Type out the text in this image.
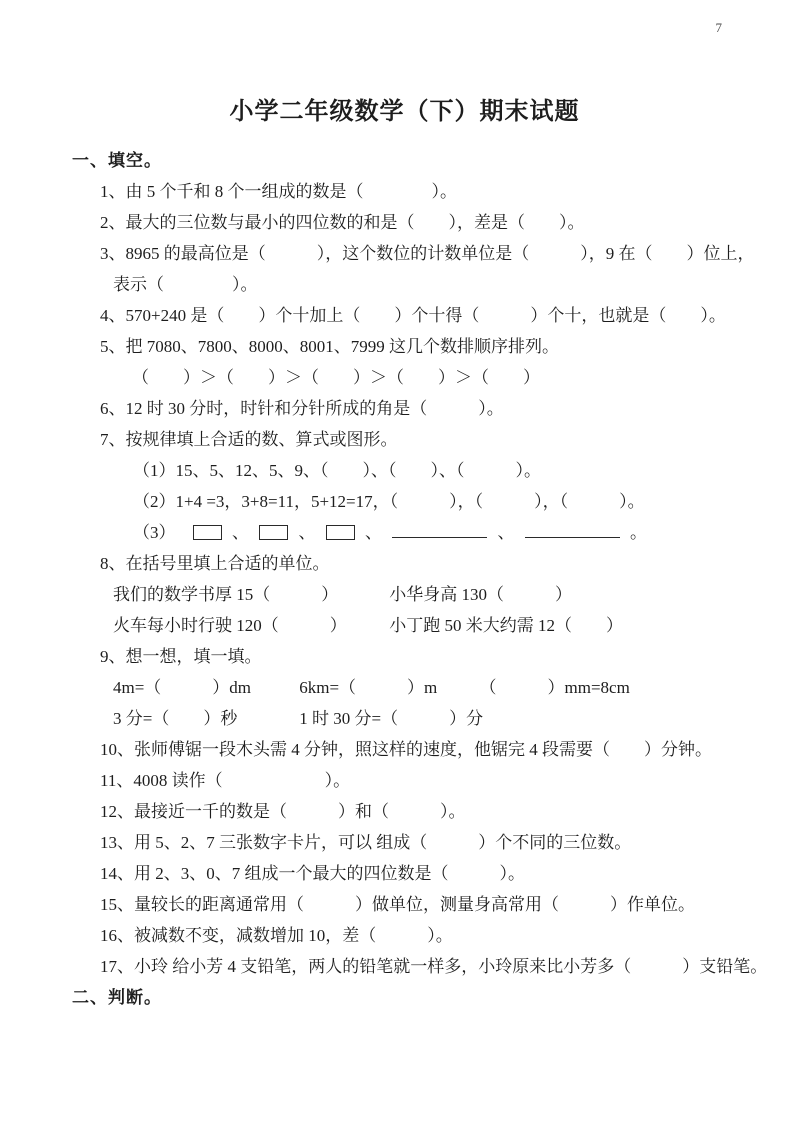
7
小学二年级数学（下）期末试题
一、填空。
1、由 5 个千和 8 个一组成的数是（　　　　）。
2、最大的三位数与最小的四位数的和是（　　），差是（　　）。
3、8965 的最高位是（　　　），这个数位的计数单位是（　　　），9 在（　　）位上，
表示（　　　　）。
4、570+240 是（　　）个十加上（　　）个十得（　　　）个十，也就是（　　）。
5、把 7080、7800、8000、8001、7999 这几个数排顺序排列。
（　　）＞（　　）＞（　　）＞（　　）＞（　　）
6、12 时 30 分时，时针和分针所成的角是（　　　）。
7、按规律填上合适的数、算式或图形。
（1）15、5、12、5、9、（　　）、（　　）、（　　　）。
（2）1+4 =3，3+8=11，5+12=17，（　　　），（　　　），（　　　）。
（3）	、	、	、	、	。
8、在括号里填上合适的单位。
我们的数学书厚 15（　　　）	小华身高 130（　　　）
火车每小时行驶 120（　　　）	小丁跑 50 米大约需 12（　　）
9、想一想，填一填。
4m=（　　　）dm	6km=（　　　）m （　　　）mm=8cm
3 分=（　　）秒	1 时 30 分=（　　　）分
10、张师傅锯一段木头需 4 分钟，照这样的速度，他锯完 4 段需要（　　）分钟。
11、4008 读作（　　　　　　）。
12、最接近一千的数是（　　　）和（　　　）。
13、用 5、2、7 三张数字卡片，可以 组成（　　　）个不同的三位数。
14、用 2、3、0、7 组成一个最大的四位数是（　　　）。
15、量较长的距离通常用（　　　）做单位，测量身高常用（　　　）作单位。
16、被减数不变，减数增加 10，差（　　　）。
17、小玲 给小芳 4 支铅笔，两人的铅笔就一样多，小玲原来比小芳多（　　　）支铅笔。
二、判断。
